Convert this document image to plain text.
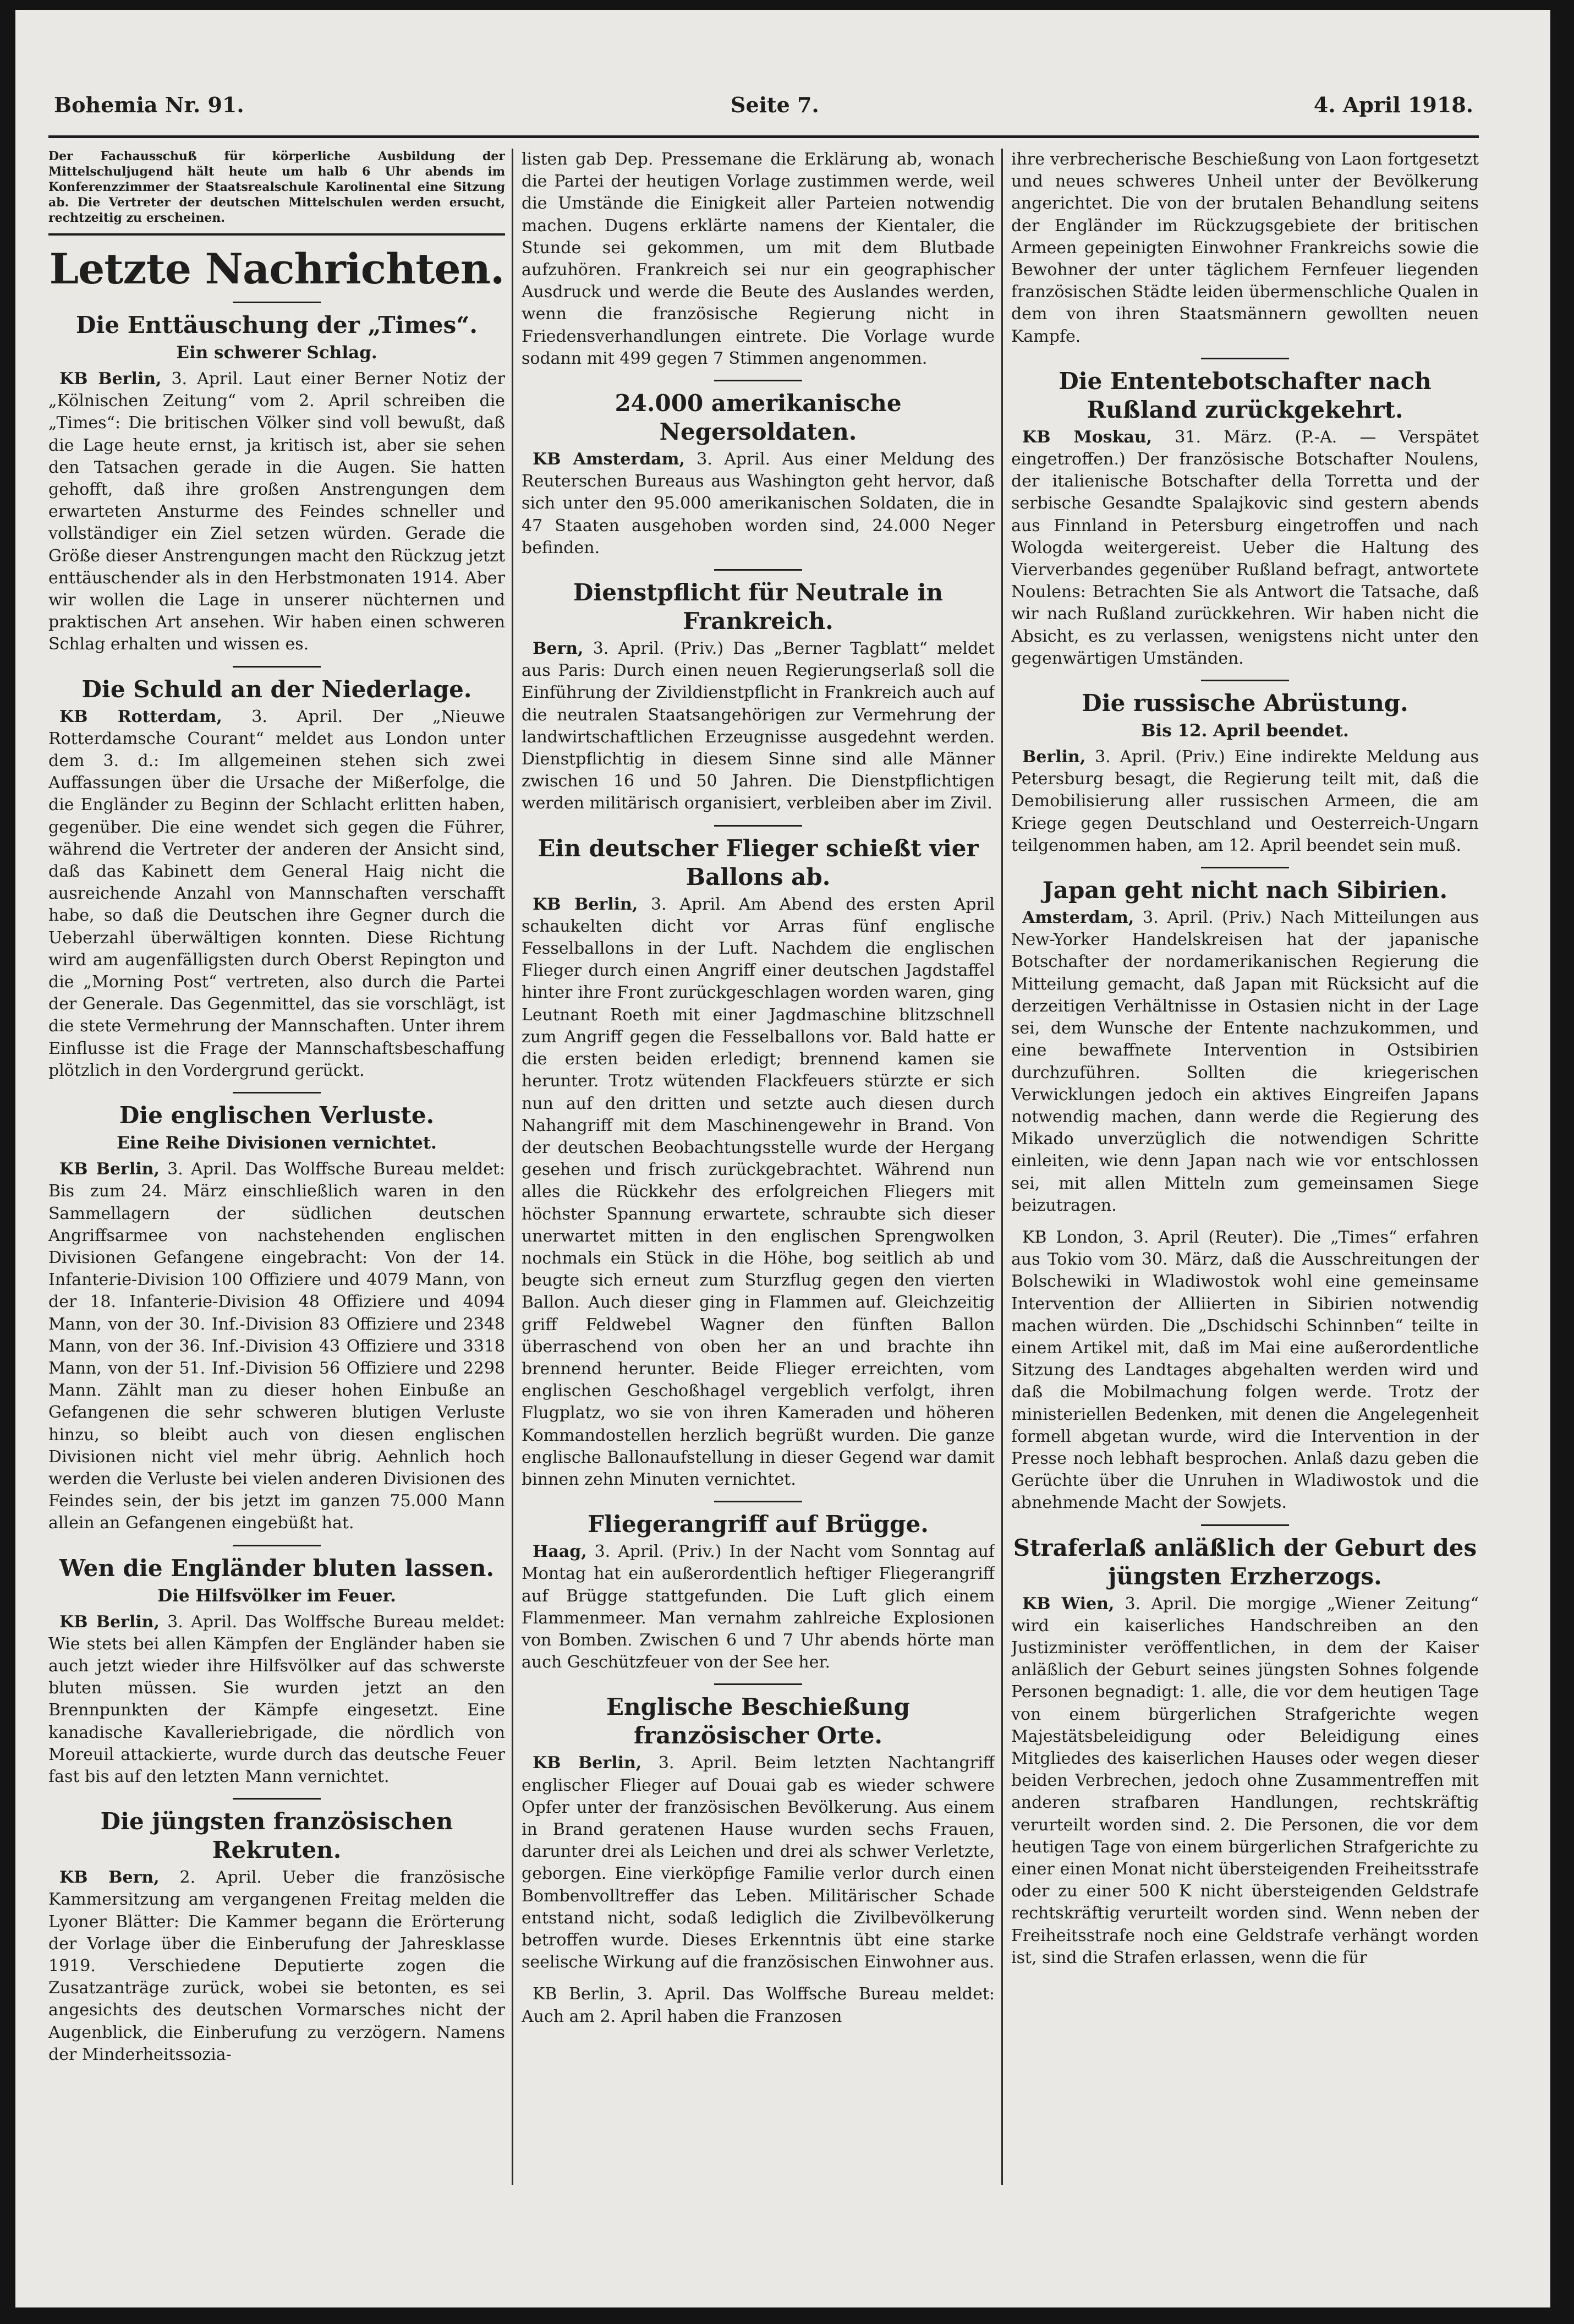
Bohemia Nr. 91.	Seite 7.	4. April 1918.

Der Fachausschuß für körperliche Ausbildung der Mittelschuljugend hält heute um halb 6 Uhr abends im Konferenzzimmer der Staatsrealschule Karolinental eine Sitzung ab. Die Vertreter der deutschen Mittelschulen werden ersucht, rechtzeitig zu erscheinen.

Letzte Nachrichten.
Die Enttäuschung der „Times“.
Ein schwerer Schlag.

KB Berlin, 3. April. Laut einer Berner Notiz der „Kölnischen Zeitung“ vom 2. April schreiben die „Times“: Die britischen Völker sind voll bewußt, daß die Lage heute ernst, ja kritisch ist, aber sie sehen den Tatsachen gerade in die Augen. Sie hatten gehofft, daß ihre großen Anstrengungen dem erwarteten Ansturme des Feindes schneller und vollständiger ein Ziel setzen würden. Gerade die Größe dieser Anstrengungen macht den Rückzug jetzt enttäuschender als in den Herbstmonaten 1914. Aber wir wollen die Lage in unserer nüchternen und praktischen Art ansehen. Wir haben einen schweren Schlag erhalten und wissen es.

Die Schuld an der Niederlage.

KB Rotterdam, 3. April. Der „Nieuwe Rotterdamsche Courant“ meldet aus London unter dem 3. d.: Im allgemeinen stehen sich zwei Auffassungen über die Ursache der Mißerfolge, die die Engländer zu Beginn der Schlacht erlitten haben, gegenüber. Die eine wendet sich gegen die Führer, während die Vertreter der anderen der Ansicht sind, daß das Kabinett dem General Haig nicht die ausreichende Anzahl von Mannschaften verschafft habe, so daß die Deutschen ihre Gegner durch die Ueberzahl überwältigen konnten. Diese Richtung wird am augenfälligsten durch Oberst Repington und die „Morning Post“ vertreten, also durch die Partei der Generale. Das Gegenmittel, das sie vorschlägt, ist die stete Vermehrung der Mannschaften. Unter ihrem Einflusse ist die Frage der Mannschaftsbeschaffung plötzlich in den Vordergrund gerückt.

Die englischen Verluste.
Eine Reihe Divisionen vernichtet.

KB Berlin, 3. April. Das Wolffsche Bureau meldet: Bis zum 24. März einschließlich waren in den Sammellagern der südlichen deutschen Angriffsarmee von nachstehenden englischen Divisionen Gefangene eingebracht: Von der 14. Infanterie-Division 100 Offiziere und 4079 Mann, von der 18. Infanterie-Division 48 Offiziere und 4094 Mann, von der 30. Inf.-Division 83 Offiziere und 2348 Mann, von der 36. Inf.-Division 43 Offiziere und 3318 Mann, von der 51. Inf.-Division 56 Offiziere und 2298 Mann. Zählt man zu dieser hohen Einbuße an Gefangenen die sehr schweren blutigen Verluste hinzu, so bleibt auch von diesen englischen Divisionen nicht viel mehr übrig. Aehnlich hoch werden die Verluste bei vielen anderen Divisionen des Feindes sein, der bis jetzt im ganzen 75.000 Mann allein an Gefangenen eingebüßt hat.

Wen die Engländer bluten lassen.
Die Hilfsvölker im Feuer.

KB Berlin, 3. April. Das Wolffsche Bureau meldet: Wie stets bei allen Kämpfen der Engländer haben sie auch jetzt wieder ihre Hilfsvölker auf das schwerste bluten müssen. Sie wurden jetzt an den Brennpunkten der Kämpfe eingesetzt. Eine kanadische Kavalleriebrigade, die nördlich von Moreuil attackierte, wurde durch das deutsche Feuer fast bis auf den letzten Mann vernichtet.

Die jüngsten französischen Rekruten.

KB Bern, 2. April. Ueber die französische Kammersitzung am vergangenen Freitag melden die Lyoner Blätter: Die Kammer begann die Erörterung der Vorlage über die Einberufung der Jahresklasse 1919. Verschiedene Deputierte zogen die Zusatzanträge zurück, wobei sie betonten, es sei angesichts des deutschen Vormarsches nicht der Augenblick, die Einberufung zu verzögern. Namens der Minderheitssozia-

listen gab Dep. Pressemane die Erklärung ab, wonach die Partei der heutigen Vorlage zustimmen werde, weil die Umstände die Einigkeit aller Parteien notwendig machen. Dugens erklärte namens der Kientaler, die Stunde sei gekommen, um mit dem Blutbade aufzuhören. Frankreich sei nur ein geographischer Ausdruck und werde die Beute des Auslandes werden, wenn die französische Regierung nicht in Friedensverhandlungen eintrete. Die Vorlage wurde sodann mit 499 gegen 7 Stimmen angenommen.

24.000 amerikanische Negersoldaten.

KB Amsterdam, 3. April. Aus einer Meldung des Reuterschen Bureaus aus Washington geht hervor, daß sich unter den 95.000 amerikanischen Soldaten, die in 47 Staaten ausgehoben worden sind, 24.000 Neger befinden.

Dienstpflicht für Neutrale in Frankreich.

Bern, 3. April. (Priv.) Das „Berner Tagblatt“ meldet aus Paris: Durch einen neuen Regierungserlaß soll die Einführung der Zivildienstpflicht in Frankreich auch auf die neutralen Staatsangehörigen zur Vermehrung der landwirtschaftlichen Erzeugnisse ausgedehnt werden. Dienstpflichtig in diesem Sinne sind alle Männer zwischen 16 und 50 Jahren. Die Dienstpflichtigen werden militärisch organisiert, verbleiben aber im Zivil.

Ein deutscher Flieger schießt vier Ballons ab.

KB Berlin, 3. April. Am Abend des ersten April schaukelten dicht vor Arras fünf englische Fesselballons in der Luft. Nachdem die englischen Flieger durch einen Angriff einer deutschen Jagdstaffel hinter ihre Front zurückgeschlagen worden waren, ging Leutnant Roeth mit einer Jagdmaschine blitzschnell zum Angriff gegen die Fesselballons vor. Bald hatte er die ersten beiden erledigt; brennend kamen sie herunter. Trotz wütenden Flackfeuers stürzte er sich nun auf den dritten und setzte auch diesen durch Nahangriff mit dem Maschinengewehr in Brand. Von der deutschen Beobachtungsstelle wurde der Hergang gesehen und frisch zurückgebrachtet. Während nun alles die Rückkehr des erfolgreichen Fliegers mit höchster Spannung erwartete, schraubte sich dieser unerwartet mitten in den englischen Sprengwolken nochmals ein Stück in die Höhe, bog seitlich ab und beugte sich erneut zum Sturzflug gegen den vierten Ballon. Auch dieser ging in Flammen auf. Gleichzeitig griff Feldwebel Wagner den fünften Ballon überraschend von oben her an und brachte ihn brennend herunter. Beide Flieger erreichten, vom englischen Geschoßhagel vergeblich verfolgt, ihren Flugplatz, wo sie von ihren Kameraden und höheren Kommandostellen herzlich begrüßt wurden. Die ganze englische Ballonaufstellung in dieser Gegend war damit binnen zehn Minuten vernichtet.

Fliegerangriff auf Brügge.

Haag, 3. April. (Priv.) In der Nacht vom Sonntag auf Montag hat ein außerordentlich heftiger Fliegerangriff auf Brügge stattgefunden. Die Luft glich einem Flammenmeer. Man vernahm zahlreiche Explosionen von Bomben. Zwischen 6 und 7 Uhr abends hörte man auch Geschützfeuer von der See her.

Englische Beschießung französischer Orte.

KB Berlin, 3. April. Beim letzten Nachtangriff englischer Flieger auf Douai gab es wieder schwere Opfer unter der französischen Bevölkerung. Aus einem in Brand geratenen Hause wurden sechs Frauen, darunter drei als Leichen und drei als schwer Verletzte, geborgen. Eine vierköpfige Familie verlor durch einen Bombenvolltreffer das Leben. Militärischer Schade entstand nicht, sodaß lediglich die Zivilbevölkerung betroffen wurde. Dieses Erkenntnis übt eine starke seelische Wirkung auf die französischen Einwohner aus.

KB Berlin, 3. April. Das Wolffsche Bureau meldet: Auch am 2. April haben die Franzosen

ihre verbrecherische Beschießung von Laon fortgesetzt und neues schweres Unheil unter der Bevölkerung angerichtet. Die von der brutalen Behandlung seitens der Engländer im Rückzugsgebiete der britischen Armeen gepeinigten Einwohner Frankreichs sowie die Bewohner der unter täglichem Fernfeuer liegenden französischen Städte leiden übermenschliche Qualen in dem von ihren Staatsmännern gewollten neuen Kampfe.

Die Ententebotschafter nach Rußland zurückgekehrt.

KB Moskau, 31. März. (P.-A. — Verspätet eingetroffen.) Der französische Botschafter Noulens, der italienische Botschafter della Torretta und der serbische Gesandte Spalajkovic sind gestern abends aus Finnland in Petersburg eingetroffen und nach Wologda weitergereist. Ueber die Haltung des Vierverbandes gegenüber Rußland befragt, antwortete Noulens: Betrachten Sie als Antwort die Tatsache, daß wir nach Rußland zurückkehren. Wir haben nicht die Absicht, es zu verlassen, wenigstens nicht unter den gegenwärtigen Umständen.

Die russische Abrüstung.
Bis 12. April beendet.

Berlin, 3. April. (Priv.) Eine indirekte Meldung aus Petersburg besagt, die Regierung teilt mit, daß die Demobilisierung aller russischen Armeen, die am Kriege gegen Deutschland und Oesterreich-Ungarn teilgenommen haben, am 12. April beendet sein muß.

Japan geht nicht nach Sibirien.

Amsterdam, 3. April. (Priv.) Nach Mitteilungen aus New-Yorker Handelskreisen hat der japanische Botschafter der nordamerikanischen Regierung die Mitteilung gemacht, daß Japan mit Rücksicht auf die derzeitigen Verhältnisse in Ostasien nicht in der Lage sei, dem Wunsche der Entente nachzukommen, und eine bewaffnete Intervention in Ostsibirien durchzuführen. Sollten die kriegerischen Verwicklungen jedoch ein aktives Eingreifen Japans notwendig machen, dann werde die Regierung des Mikado unverzüglich die notwendigen Schritte einleiten, wie denn Japan nach wie vor entschlossen sei, mit allen Mitteln zum gemeinsamen Siege beizutragen.

KB London, 3. April (Reuter). Die „Times“ erfahren aus Tokio vom 30. März, daß die Ausschreitungen der Bolschewiki in Wladiwostok wohl eine gemeinsame Intervention der Alliierten in Sibirien notwendig machen würden. Die „Dschidschi Schinnben“ teilte in einem Artikel mit, daß im Mai eine außerordentliche Sitzung des Landtages abgehalten werden wird und daß die Mobilmachung folgen werde. Trotz der ministeriellen Bedenken, mit denen die Angelegenheit formell abgetan wurde, wird die Intervention in der Presse noch lebhaft besprochen. Anlaß dazu geben die Gerüchte über die Unruhen in Wladiwostok und die abnehmende Macht der Sowjets.

Straferlaß anläßlich der Geburt des jüngsten Erzherzogs.

KB Wien, 3. April. Die morgige „Wiener Zeitung“ wird ein kaiserliches Handschreiben an den Justizminister veröffentlichen, in dem der Kaiser anläßlich der Geburt seines jüngsten Sohnes folgende Personen begnadigt: 1. alle, die vor dem heutigen Tage von einem bürgerlichen Strafgerichte wegen Majestätsbeleidigung oder Beleidigung eines Mitgliedes des kaiserlichen Hauses oder wegen dieser beiden Verbrechen, jedoch ohne Zusammentreffen mit anderen strafbaren Handlungen, rechtskräftig verurteilt worden sind. 2. Die Personen, die vor dem heutigen Tage von einem bürgerlichen Strafgerichte zu einer einen Monat nicht übersteigenden Freiheitsstrafe oder zu einer 500 K nicht übersteigenden Geldstrafe rechtskräftig verurteilt worden sind. Wenn neben der Freiheitsstrafe noch eine Geldstrafe verhängt worden ist, sind die Strafen erlassen, wenn die für
